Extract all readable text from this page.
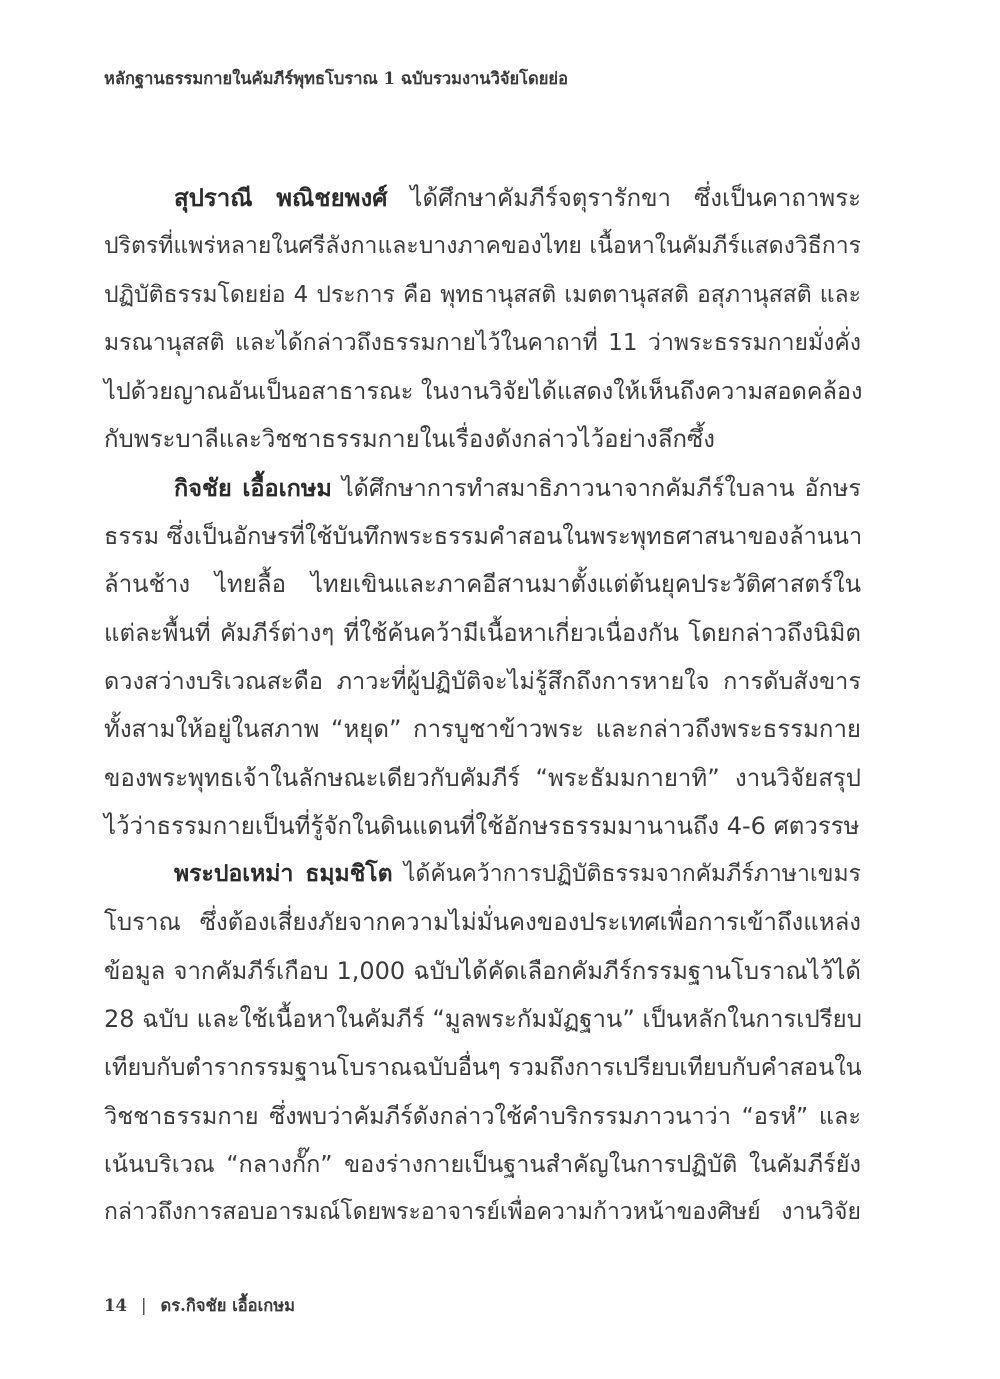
หลักฐานธรรมกายในคัมภีร์พุทธโบราณ 1 ฉบับรวมงานวิจัยโดยย่อ
สุปราณี พณิชยพงศ์ ได้ศึกษาคัมภีร์จตุรารักขา ซึ่งเป็นคาถาพระ
ปริตรที่แพร่หลายในศรีลังกาและบางภาคของไทย เนื้อหาในคัมภีร์แสดงวิธีการ
ปฏิบัติธรรมโดยย่อ 4 ประการ คือ พุทธานุสสติ เมตตานุสสติ อสุภานุสสติ และ
มรณานุสสติ และได้กล่าวถึงธรรมกายไว้ในคาถาที่ 11 ว่าพระธรรมกายมั่งคั่ง
ไปด้วยญาณอันเป็นอสาธารณะ ในงานวิจัยได้แสดงให้เห็นถึงความสอดคล้อง
กับพระบาลีและวิชชาธรรมกายในเรื่องดังกล่าวไว้อย่างลึกซึ้ง
กิจชัย เอื้อเกษม ได้ศึกษาการทำสมาธิภาวนาจากคัมภีร์ใบลาน อักษร
ธรรม ซึ่งเป็นอักษรที่ใช้บันทึกพระธรรมคำสอนในพระพุทธศาสนาของล้านนา
ล้านช้าง ไทยลื้อ ไทยเขินและภาคอีสานมาตั้งแต่ต้นยุคประวัติศาสตร์ใน
แต่ละพื้นที่ คัมภีร์ต่างๆ ที่ใช้ค้นคว้ามีเนื้อหาเกี่ยวเนื่องกัน โดยกล่าวถึงนิมิต
ดวงสว่างบริเวณสะดือ ภาวะที่ผู้ปฏิบัติจะไม่รู้สึกถึงการหายใจ การดับสังขาร
ทั้งสามให้อยู่ในสภาพ “หยุด” การบูชาข้าวพระ และกล่าวถึงพระธรรมกาย
ของพระพุทธเจ้าในลักษณะเดียวกับคัมภีร์ “พระธัมมกายาทิ” งานวิจัยสรุป
ไว้ว่าธรรมกายเป็นที่รู้จักในดินแดนที่ใช้อักษรธรรมมานานถึง 4-6 ศตวรรษ
พระปอเหม่า ธมฺมชิโต ได้ค้นคว้าการปฏิบัติธรรมจากคัมภีร์ภาษาเขมร
โบราณ ซึ่งต้องเสี่ยงภัยจากความไม่มั่นคงของประเทศเพื่อการเข้าถึงแหล่ง
ข้อมูล จากคัมภีร์เกือบ 1,000 ฉบับได้คัดเลือกคัมภีร์กรรมฐานโบราณไว้ได้
28 ฉบับ และใช้เนื้อหาในคัมภีร์ “มูลพระกัมมัฏฐาน” เป็นหลักในการเปรียบ
เทียบกับตำรากรรมฐานโบราณฉบับอื่นๆ รวมถึงการเปรียบเทียบกับคำสอนใน
วิชชาธรรมกาย ซึ่งพบว่าคัมภีร์ดังกล่าวใช้คำบริกรรมภาวนาว่า “อรหํ” และ
เน้นบริเวณ “กลางกั๊ก” ของร่างกายเป็นฐานสำคัญในการปฏิบัติ ในคัมภีร์ยัง
กล่าวถึงการสอบอารมณ์โดยพระอาจารย์เพื่อความก้าวหน้าของศิษย์ งานวิจัย
14 | ดร.กิจชัย เอื้อเกษม
